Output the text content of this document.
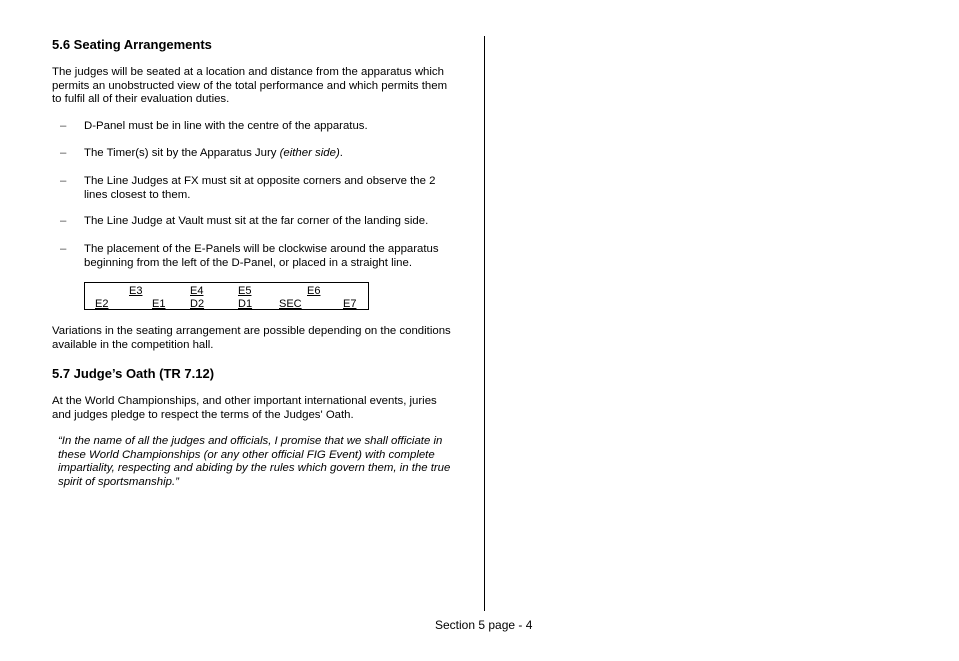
5.6 Seating Arrangements
The judges will be seated at a location and distance from the apparatus which
permits an unobstructed view of the total performance and which permits them
to fulfil all of their evaluation duties.
– D-Panel must be in line with the centre of the apparatus.
– The Timer(s) sit by the Apparatus Jury (either side).
– The Line Judges at FX must sit at opposite corners and observe the 2
lines closest to them.
– The Line Judge at Vault must sit at the far corner of the landing side.
– The placement of the E-Panels will be clockwise around the apparatus
beginning from the left of the D-Panel, or placed in a straight line.
Variations in the seating arrangement are possible depending on the conditions
available in the competition hall.
5.7 Judge’s Oath (TR 7.12)
At the World Championships, and other important international events, juries
and judges pledge to respect the terms of the Judges' Oath.
“In the name of all the judges and officials, I promise that we shall officiate in
these World Championships (or any other official FIG Event) with complete
impartiality, respecting and abiding by the rules which govern them, in the true
spirit of sportsmanship.”
E3	E4	E5	E6
E2	E1 D2	D1 SEC	E7
Section 5 page - 4
